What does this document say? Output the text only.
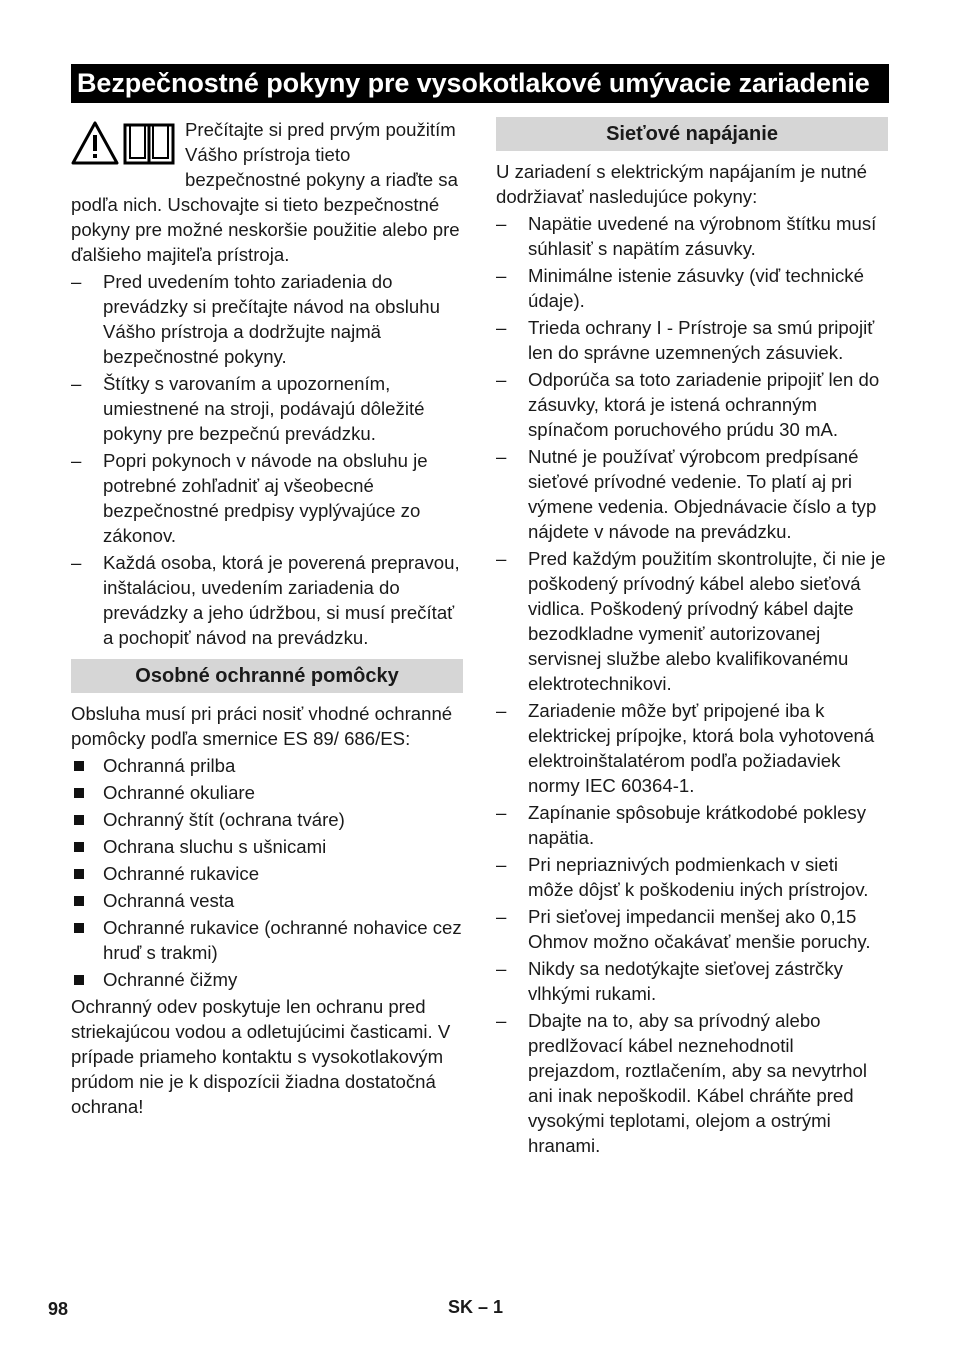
Bezpečnostné pokyny pre vysokotlakové umývacie zariadenie

Prečítajte si pred prvým použitím Vášho prístroja tieto bezpečnostné pokyny a riaďte sa podľa nich. Uschovajte si tieto bezpečnostné pokyny pre možné neskoršie použitie alebo pre ďalšieho majiteľa prístroja.

– Pred uvedením tohto zariadenia do prevádzky si prečítajte návod na obsluhu Vášho prístroja a dodržujte najmä bezpečnostné pokyny.
– Štítky s varovaním a upozornením, umiestnené na stroji, podávajú dôležité pokyny pre bezpečnú prevádzku.
– Popri pokynoch v návode na obsluhu je potrebné zohľadniť aj všeobecné bezpečnostné predpisy vyplývajúce zo zákonov.
– Každá osoba, ktorá je poverená prepravou, inštaláciou, uvedením zariadenia do prevádzky a jeho údržbou, si musí prečítať a pochopiť návod na prevádzku.
Osobné ochranné pomôcky

Obsluha musí pri práci nosiť vhodné ochranné pomôcky podľa smernice ES 89/ 686/ES:

Ochranná prilba
Ochranné okuliare
Ochranný štít (ochrana tváre)
Ochrana sluchu s ušnicami
Ochranné rukavice
Ochranná vesta
Ochranné rukavice (ochranné nohavice cez hruď s trakmi)
Ochranné čižmy

Ochranný odev poskytuje len ochranu pred striekajúcou vodou a odletujúcimi časticami. V prípade priameho kontaktu s vysokotlakovým prúdom nie je k dispozícii žiadna dostatočná ochrana!

Sieťové napájanie

U zariadení s elektrickým napájaním je nutné dodržiavať nasledujúce pokyny:

– Napätie uvedené na výrobnom štítku musí súhlasiť s napätím zásuvky.
– Minimálne istenie zásuvky (viď technické údaje).
– Trieda ochrany I - Prístroje sa smú pripojiť len do správne uzemnených zásuviek.
– Odporúča sa toto zariadenie pripojiť len do zásuvky, ktorá je istená ochranným spínačom poruchového prúdu 30 mA.
– Nutné je používať výrobcom predpísané sieťové prívodné vedenie. To platí aj pri výmene vedenia. Objednávacie číslo a typ nájdete v návode na prevádzku.
– Pred každým použitím skontrolujte, či nie je poškodený prívodný kábel alebo sieťová vidlica. Poškodený prívodný kábel dajte bezodkladne vymeniť autorizovanej servisnej službe alebo kvalifikovanému elektrotechnikovi.
– Zariadenie môže byť pripojené iba k elektrickej prípojke, ktorá bola vyhotovená elektroinštalatérom podľa požiadaviek normy IEC 60364-1.
– Zapínanie spôsobuje krátkodobé poklesy napätia.
– Pri nepriaznivých podmienkach v sieti môže dôjsť k poškodeniu iných prístrojov.
– Pri sieťovej impedancii menšej ako 0,15 Ohmov možno očakávať menšie poruchy.
– Nikdy sa nedotýkajte sieťovej zástrčky vlhkými rukami.
– Dbajte na to, aby sa prívodný alebo predlžovací kábel neznehodnotil prejazdom, roztlačením, aby sa nevytrhol ani inak nepoškodil. Kábel chráňte pred vysokými teplotami, olejom a ostrými hranami.
98	SK – 1
